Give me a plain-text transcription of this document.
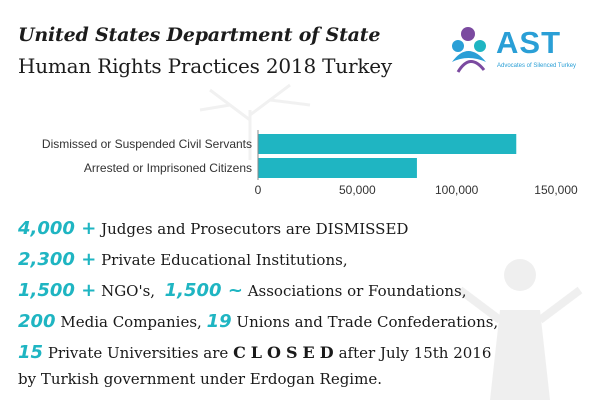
United States Department of State
Human Rights Practices 2018 Turkey
AST
Advocates of Silenced Turkey
Dismissed or Suspended Civil Servants
Arrested or Imprisoned Citizens
0	50,000	100,000	150,000
4,000 + Judges and Prosecutors are DISMISSED
2,300 + Private Educational Institutions,
1,500 + NGO's, 1,500 ~ Associations or Foundations,
200 Media Companies, 19 Unions and Trade Confederations,
15 Private Universities are CLOSEDafter July 15th 2016
by Turkish government under Erdogan Regime.
